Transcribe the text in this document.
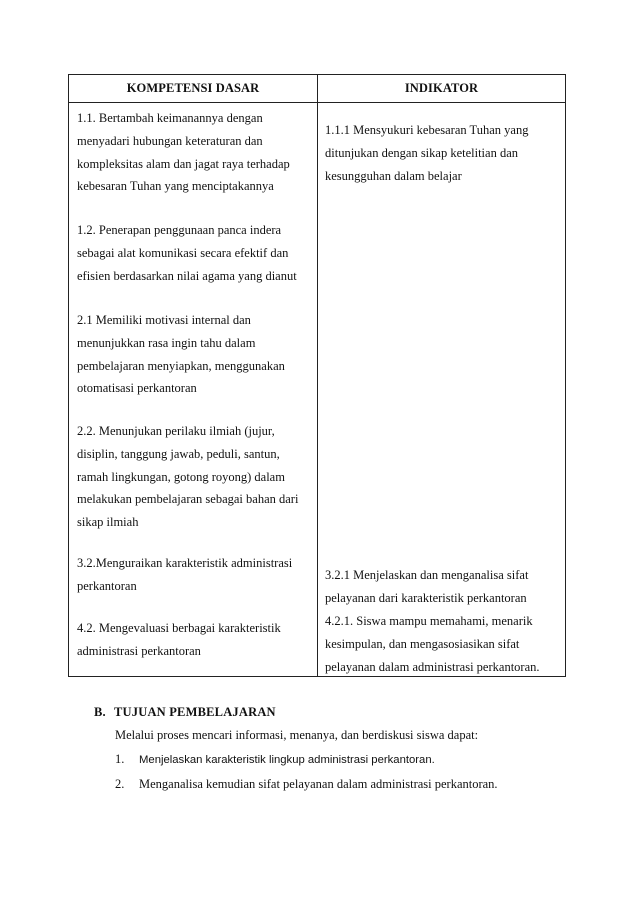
KOMPETENSI DASAR	INDIKATOR
1.1. Bertambah keimanannya dengan
menyadari hubungan keteraturan dan
kompleksitas alam dan jagat raya terhadap
kebesaran Tuhan yang menciptakannya
1.2. Penerapan penggunaan panca indera
sebagai alat komunikasi secara efektif dan
efisien berdasarkan nilai agama yang dianut
2.1 Memiliki motivasi internal dan
menunjukkan rasa ingin tahu dalam
pembelajaran menyiapkan, menggunakan
otomatisasi perkantoran
2.2. Menunjukan perilaku ilmiah (jujur,
disiplin, tanggung jawab, peduli, santun,
ramah lingkungan, gotong royong) dalam
melakukan pembelajaran sebagai bahan dari
sikap ilmiah
3.2.Menguraikan karakteristik administrasi
perkantoran
4.2. Mengevaluasi berbagai karakteristik
administrasi perkantoran
1.1.1 Mensyukuri kebesaran Tuhan yang
ditunjukan dengan sikap ketelitian dan
kesungguhan dalam belajar
3.2.1 Menjelaskan dan menganalisa sifat
pelayanan dari karakteristik perkantoran
4.2.1. Siswa mampu memahami, menarik
kesimpulan, dan mengasosiasikan sifat
pelayanan dalam administrasi perkantoran.
B. TUJUAN PEMBELAJARAN
Melalui proses mencari informasi, menanya, dan berdiskusi siswa dapat:
1. Menjelaskan karakteristik lingkup administrasi perkantoran.
2. Menganalisa kemudian sifat pelayanan dalam administrasi perkantoran.
